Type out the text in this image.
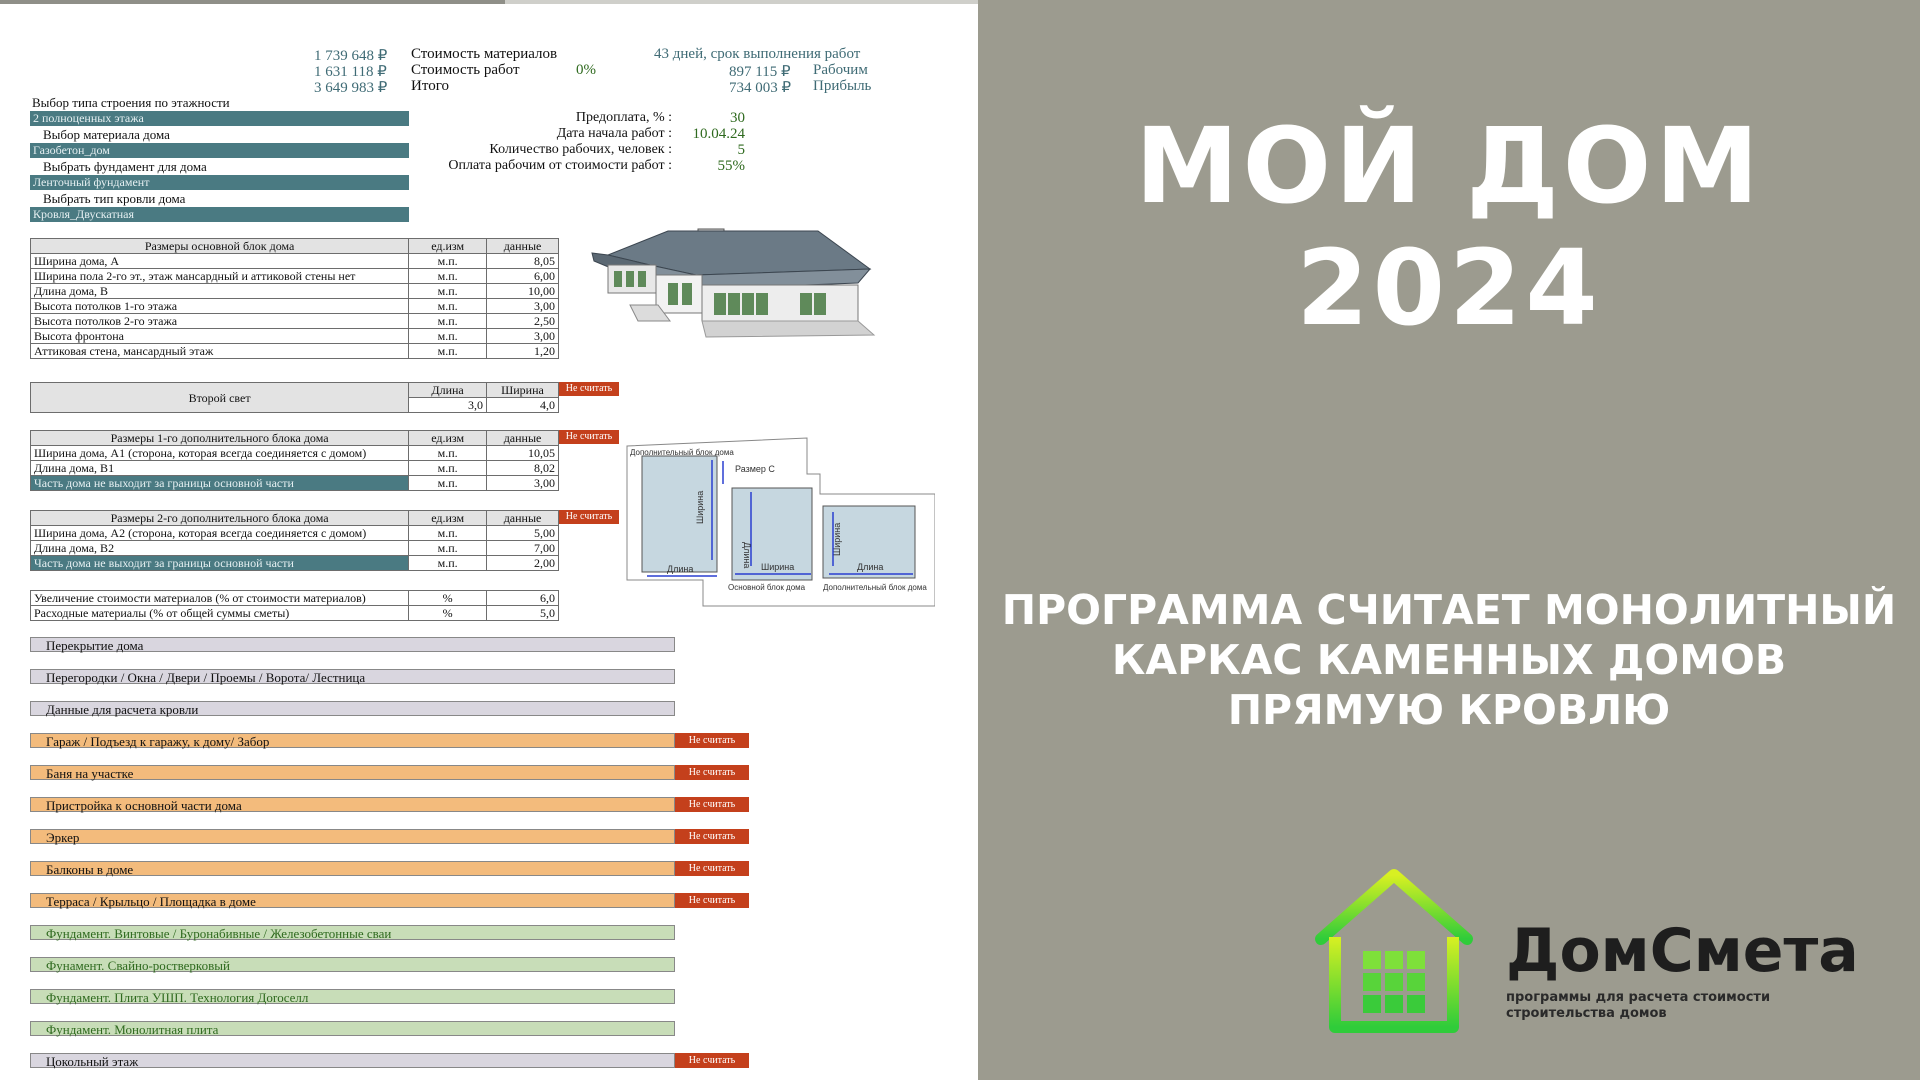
1 739 648 ₽ Стоимость материалов
1 631 118 ₽ Стоимость работ	0%
3 649 983 ₽ Итого
43 дней, срок выполнения работ
897 115 ₽ Рабочим
734 003 ₽ Прибыль
Выбор типа строения по этажности
2 полноценных этажа
Выбор материала дома
Газобетон_дом
Выбрать фундамент для дома
Ленточный фундамент
Выбрать тип кровли дома
Кровля_Двускатная
Предоплата, % :	30
Дата начала работ : 10.04.24
Количество рабочих, человек :	5
Оплата рабочим от стоимости работ :	55%
Размеры основной блок дома	ед.изм	данные
Ширина дома, А	м.п.	8,05
Ширина пола 2-го эт., этаж мансардный и аттиковой стены нет	м.п.	6,00
Длина дома, В	м.п.	10,00
Высота потолков 1-го этажа	м.п.	3,00
Высота потолков 2-го этажа	м.п.	2,50
Высота фронтона	м.п.	3,00
Аттиковая стена, мансардный этаж	м.п.	1,20
Второй свет	Длина	Ширина
	3,0	4,0
Не считать
Размеры 1-го дополнительного блока дома	ед.изм	данные
Ширина дома, А1 (сторона, которая всегда соединяется с домом)	м.п.	10,05
Длина дома, В1	м.п.	8,02
Часть дома не выходит за границы основной части	м.п.	3,00
Не считать
Размеры 2-го дополнительного блока дома	ед.изм	данные
Ширина дома, А2 (сторона, которая всегда соединяется с домом)	м.п.	5,00
Длина дома, В2	м.п.	7,00
Часть дома не выходит за границы основной части	м.п.	2,00
Не считать
Увеличение стоимости материалов (% от стоимости материалов)	%	6,0
Расходные материалы (% от общей суммы сметы)	%	5,0
Дополнительный блок дома
Размер С
Длина
Ширина
Ширина
Длина	Длина
Ширина
Основной блок дома Дополнительный блок дома
Перекрытие дома
Перегородки / Окна / Двери / Проемы / Ворота/ Лестница
Данные для расчета кровли
Гараж / Подъезд к гаражу, к дому/ Забор	Не считать
Баня на участке	Не считать
Пристройка к основной части дома	Не считать
Эркер	Не считать
Балконы в доме	Не считать
Терраса / Крыльцо / Площадка в доме	Не считать
Фундамент. Винтовые / Буронабивные / Железобетонные сваи
Фунамент. Свайно-ростверковый
Фундамент. Плита УШП. Технология Доroселл
Фундамент. Монолитная плита
Цокольный этаж	Не считать
МОЙ ДОМ
2024
ПРОГРАММА СЧИТАЕТ МОНОЛИТНЫЙ
КАРКАС КАМЕННЫХ ДОМОВ
ПРЯМУЮ КРОВЛЮ
ДомСмета
программы для расчета стоимости
строительства домов
